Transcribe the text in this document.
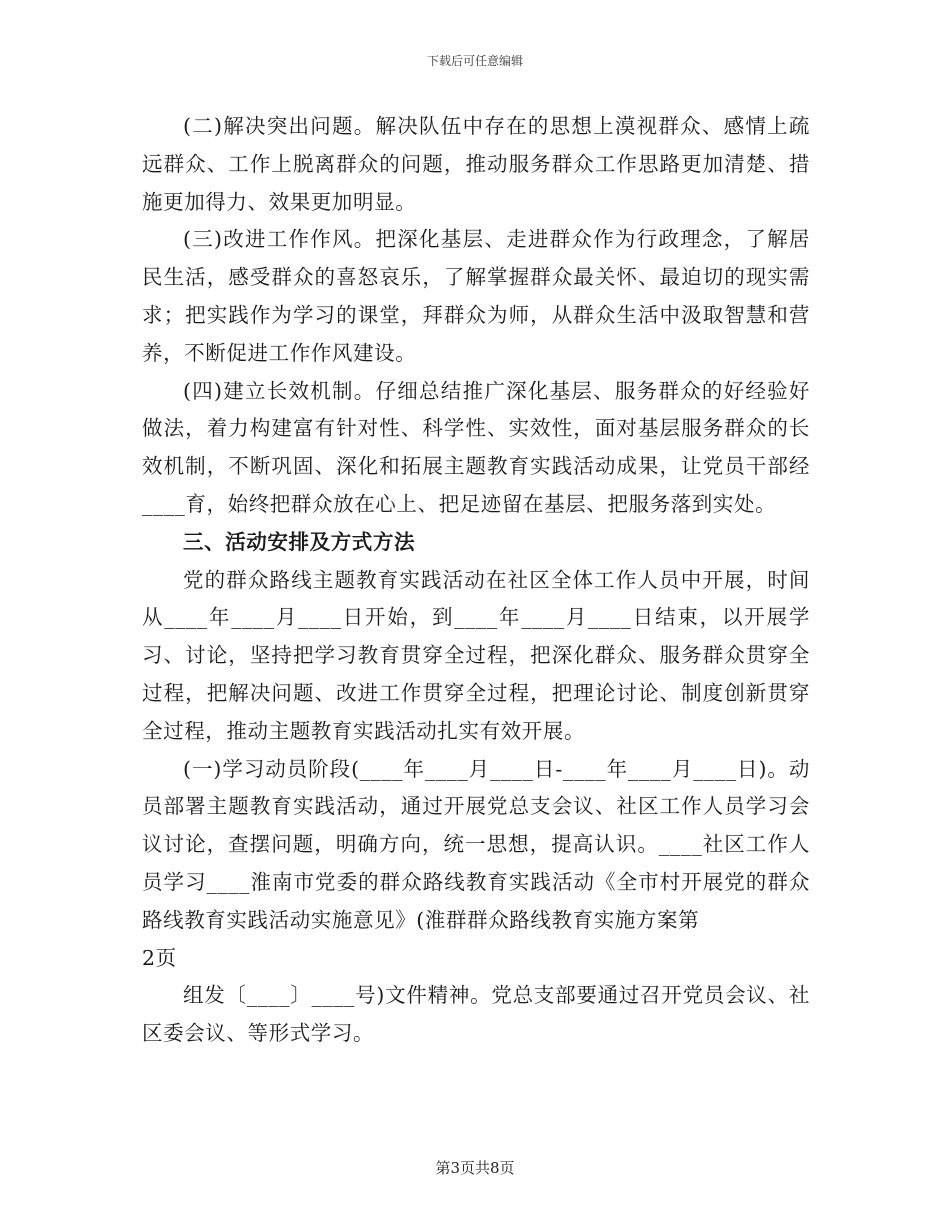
下载后可任意编辑

(二)解决突出问题。解决队伍中存在的思想上漠视群众、感情上疏远群众、工作上脱离群众的问题，推动服务群众工作思路更加清楚、措施更加得力、效果更加明显。

(三)改进工作作风。把深化基层、走进群众作为行政理念，了解居民生活，感受群众的喜怒哀乐，了解掌握群众最关怀、最迫切的现实需求；把实践作为学习的课堂，拜群众为师，从群众生活中汲取智慧和营养，不断促进工作作风建设。

(四)建立长效机制。仔细总结推广深化基层、服务群众的好经验好做法，着力构建富有针对性、科学性、实效性，面对基层服务群众的长效机制，不断巩固、深化和拓展主题教育实践活动成果，让党员干部经____育，始终把群众放在心上、把足迹留在基层、把服务落到实处。

三、活动安排及方式方法

党的群众路线主题教育实践活动在社区全体工作人员中开展，时间从____年____月____日开始，到____年____月____日结束，以开展学习、讨论，坚持把学习教育贯穿全过程，把深化群众、服务群众贯穿全过程，把解决问题、改进工作贯穿全过程，把理论讨论、制度创新贯穿全过程，推动主题教育实践活动扎实有效开展。

(一)学习动员阶段(____年____月____日-____年____月____日)。动员部署主题教育实践活动，通过开展党总支会议、社区工作人员学习会议讨论，查摆问题，明确方向，统一思想，提高认识。____社区工作人员学习____淮南市党委的群众路线教育实践活动《全市村开展党的群众路线教育实践活动实施意见》(淮群群众路线教育实施方案第

2页

组发〔____〕____号)文件精神。党总支部要通过召开党员会议、社区委会议、等形式学习。

第3页共8页
